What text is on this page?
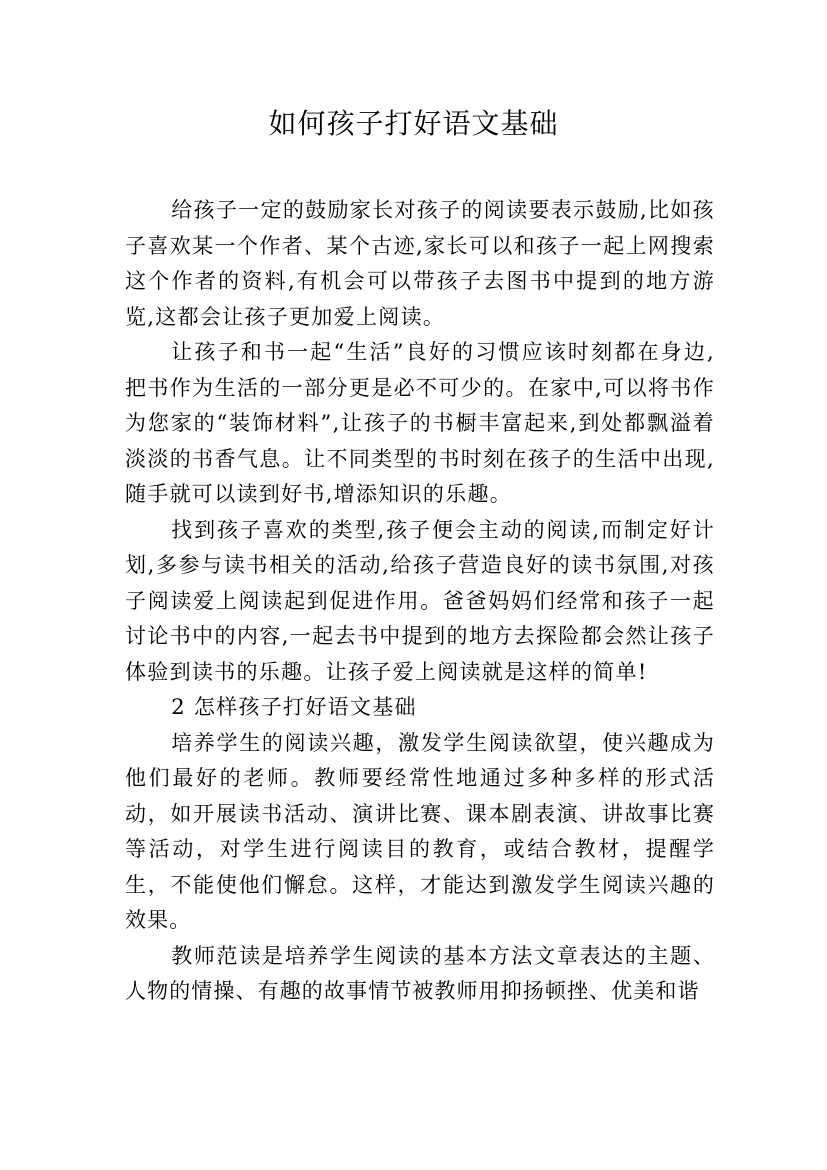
如何孩子打好语文基础

给孩子一定的鼓励家长对孩子的阅读要表示鼓励,比如孩子喜欢某一个作者、某个古迹,家长可以和孩子一起上网搜索这个作者的资料,有机会可以带孩子去图书中提到的地方游览,这都会让孩子更加爱上阅读。

让孩子和书一起“生活”良好的习惯应该时刻都在身边,把书作为生活的一部分更是必不可少的。在家中,可以将书作为您家的“装饰材料”,让孩子的书橱丰富起来,到处都飘溢着淡淡的书香气息。让不同类型的书时刻在孩子的生活中出现,随手就可以读到好书,增添知识的乐趣。

找到孩子喜欢的类型,孩子便会主动的阅读,而制定好计划,多参与读书相关的活动,给孩子营造良好的读书氛围,对孩子阅读爱上阅读起到促进作用。爸爸妈妈们经常和孩子一起讨论书中的内容,一起去书中提到的地方去探险都会然让孩子体验到读书的乐趣。让孩子爱上阅读就是这样的简单!

2 怎样孩子打好语文基础

培养学生的阅读兴趣，激发学生阅读欲望，使兴趣成为他们最好的老师。教师要经常性地通过多种多样的形式活动，如开展读书活动、演讲比赛、课本剧表演、讲故事比赛等活动，对学生进行阅读目的教育，或结合教材，提醒学生，不能使他们懈怠。这样，才能达到激发学生阅读兴趣的效果。

教师范读是培养学生阅读的基本方法文章表达的主题、人物的情操、有趣的故事情节被教师用抑扬顿挫、优美和谐
